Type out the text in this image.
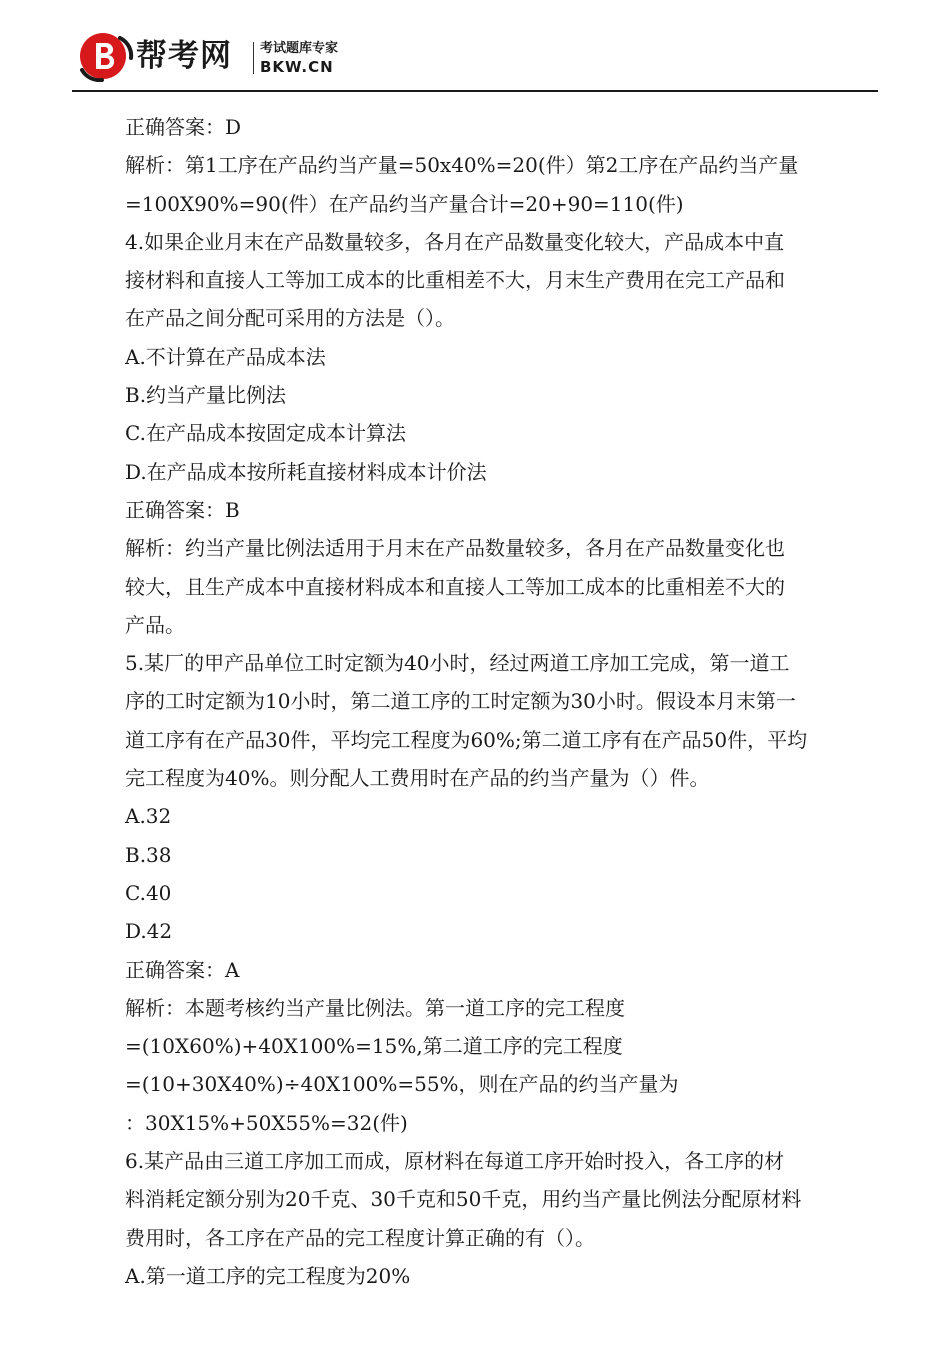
帮考网 考试题库专家
BKW.CN
正确答案：D
解析：第1工序在产品约当产量=50x40%=20(件）第2工序在产品约当产量
=100X90%=90(件）在产品约当产量合计=20+90=110(件)
4.如果企业月末在产品数量较多，各月在产品数量变化较大，产品成本中直
接材料和直接人工等加工成本的比重相差不大，月末生产费用在完工产品和
在产品之间分配可采用的方法是（）。
A.不计算在产品成本法
B.约当产量比例法
C.在产品成本按固定成本计算法
D.在产品成本按所耗直接材料成本计价法
正确答案：B
解析：约当产量比例法适用于月末在产品数量较多，各月在产品数量变化也
较大，且生产成本中直接材料成本和直接人工等加工成本的比重相差不大的
产品。
5.某厂的甲产品单位工时定额为40小时，经过两道工序加工完成，第一道工
序的工时定额为10小时，第二道工序的工时定额为30小时。假设本月末第一
道工序有在产品30件，平均完工程度为60%;第二道工序有在产品50件，平均
完工程度为40%。则分配人工费用时在产品的约当产量为（）件。
A.32
B.38
C.40
D.42
正确答案：A
解析：本题考核约当产量比例法。第一道工序的完工程度
=(10X60%)+40X100%=15%,第二道工序的完工程度
=(10+30X40%)÷40X100%=55%，则在产品的约当产量为
：30X15%+50X55%=32(件)
6.某产品由三道工序加工而成，原材料在每道工序开始时投入，各工序的材
料消耗定额分别为20千克、30千克和50千克，用约当产量比例法分配原材料
费用时，各工序在产品的完工程度计算正确的有（）。
A.第一道工序的完工程度为20%
